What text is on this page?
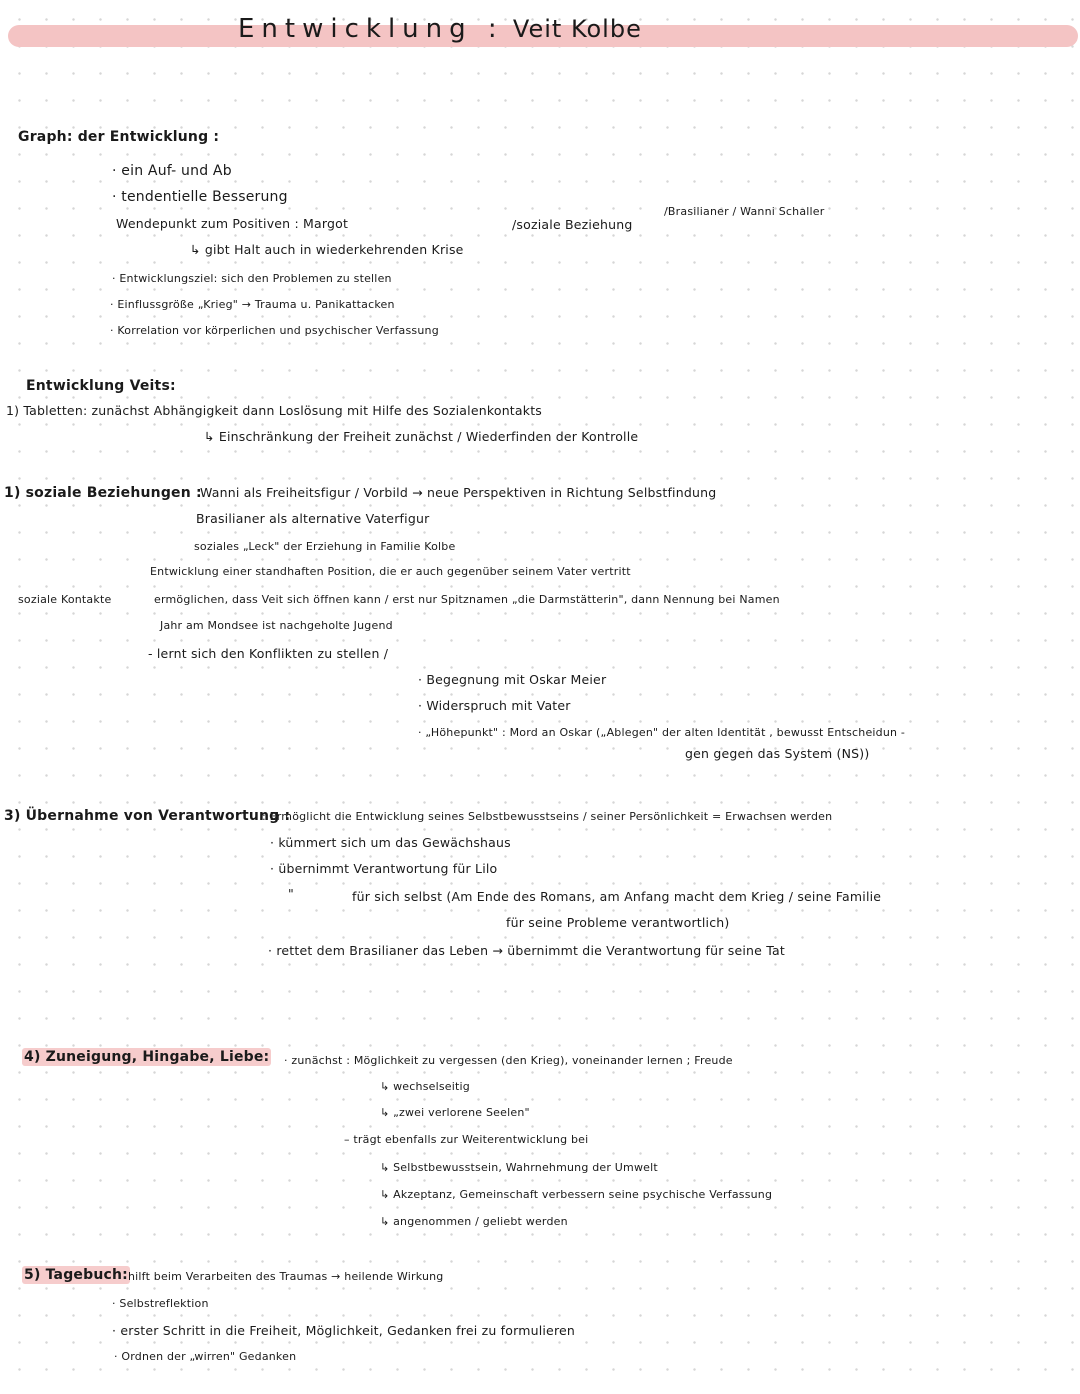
Entwicklung : Veit Kolbe
Graph: der Entwicklung :
· ein Auf- und Ab
· tendentielle Besserung
Wendepunkt zum Positiven : Margot	/soziale Beziehung
/Brasilianer / Wanni Schaller
↳ gibt Halt auch in wiederkehrenden Krise
· Entwicklungsziel: sich den Problemen zu stellen
· Einflussgröße „Krieg" → Trauma u. Panikattacken
· Korrelation vor körperlichen und psychischer Verfassung
Entwicklung Veits:
1) Tabletten: zunächst Abhängigkeit dann Loslösung mit Hilfe des Sozialenkontakts
↳ Einschränkung der Freiheit zunächst / Wiederfinden der Kontrolle
1) soziale Beziehungen :
Wanni als Freiheitsfigur / Vorbild → neue Perspektiven in Richtung Selbstfindung
Brasilianer als alternative Vaterfigur
soziales „Leck" der Erziehung in Familie Kolbe
Entwicklung einer standhaften Position, die er auch gegenüber seinem Vater vertritt
soziale Kontakte	ermöglichen, dass Veit sich öffnen kann / erst nur Spitznamen „die Darmstätterin", dann Nennung bei Namen
Jahr am Mondsee ist nachgeholte Jugend
- lernt sich den Konflikten zu stellen /
· Begegnung mit Oskar Meier
· Widerspruch mit Vater
· „Höhepunkt" : Mord an Oskar („Ablegen" der alten Identität , bewusst Entscheidun -
gen gegen das System (NS))
3) Übernahme von Verantwortung :
: Ermöglicht die Entwicklung seines Selbstbewusstseins / seiner Persönlichkeit = Erwachsen werden
· kümmert sich um das Gewächshaus
· übernimmt Verantwortung für Lilo
"	für sich selbst (Am Ende des Romans, am Anfang macht dem Krieg / seine Familie
für seine Probleme verantwortlich)
· rettet dem Brasilianer das Leben → übernimmt die Verantwortung für seine Tat
4) Zuneigung, Hingabe, Liebe: · zunächst : Möglichkeit zu vergessen (den Krieg), voneinander lernen ; Freude
↳ wechselseitig
↳ „zwei verlorene Seelen"
– trägt ebenfalls zur Weiterentwicklung bei
↳ Selbstbewusstsein, Wahrnehmung der Umwelt
↳ Akzeptanz, Gemeinschaft verbessern seine psychische Verfassung
↳ angenommen / geliebt werden
5) Tagebuch: hilft beim Verarbeiten des Traumas → heilende Wirkung
· Selbstreflektion
· erster Schritt in die Freiheit, Möglichkeit, Gedanken frei zu formulieren
· Ordnen der „wirren" Gedanken
